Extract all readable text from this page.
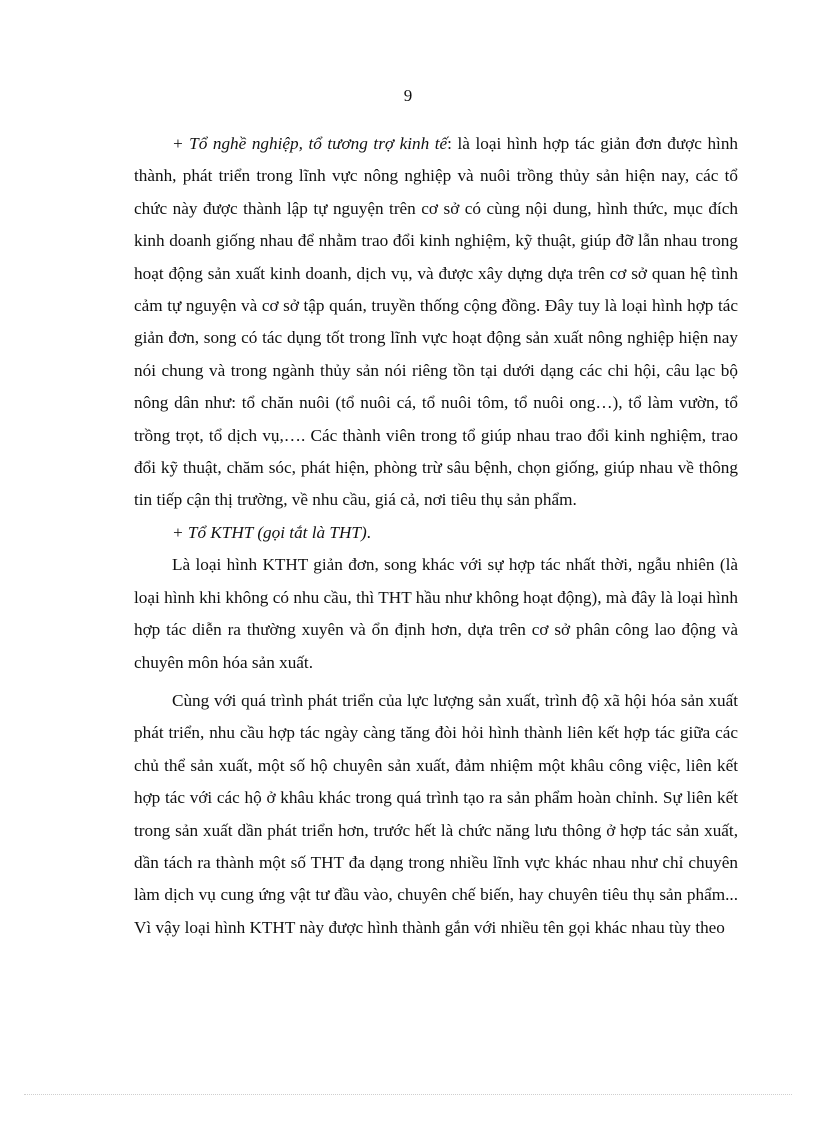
9

+ Tổ nghề nghiệp, tổ tương trợ kinh tế: là loại hình hợp tác giản đơn được hình thành, phát triển trong lĩnh vực nông nghiệp và nuôi trồng thủy sản hiện nay, các tổ chức này được thành lập tự nguyện trên cơ sở có cùng nội dung, hình thức, mục đích kinh doanh giống nhau để nhằm trao đổi kinh nghiệm, kỹ thuật, giúp đỡ lẫn nhau trong hoạt động sản xuất kinh doanh, dịch vụ, và được xây dựng dựa trên cơ sở quan hệ tình cảm tự nguyện và cơ sở tập quán, truyền thống cộng đồng. Đây tuy là loại hình hợp tác giản đơn, song có tác dụng tốt trong lĩnh vực hoạt động sản xuất nông nghiệp hiện nay nói chung và trong ngành thủy sản nói riêng tồn tại dưới dạng các chi hội, câu lạc bộ nông dân như: tổ chăn nuôi (tổ nuôi cá, tổ nuôi tôm, tổ nuôi ong…), tổ làm vườn, tổ trồng trọt, tổ dịch vụ,…. Các thành viên trong tổ giúp nhau trao đổi kinh nghiệm, trao đổi kỹ thuật, chăm sóc, phát hiện, phòng trừ sâu bệnh, chọn giống, giúp nhau về thông tin tiếp cận thị trường, về nhu cầu, giá cả, nơi tiêu thụ sản phẩm.

+ Tổ KTHT (gọi tắt là THT).

Là loại hình KTHT giản đơn, song khác với sự hợp tác nhất thời, ngẫu nhiên (là loại hình khi không có nhu cầu, thì THT hầu như không hoạt động), mà đây là loại hình hợp tác diễn ra thường xuyên và ổn định hơn, dựa trên cơ sở phân công lao động và chuyên môn hóa sản xuất.

Cùng với quá trình phát triển của lực lượng sản xuất, trình độ xã hội hóa sản xuất phát triển, nhu cầu hợp tác ngày càng tăng đòi hỏi hình thành liên kết hợp tác giữa các chủ thể sản xuất, một số hộ chuyên sản xuất, đảm nhiệm một khâu công việc, liên kết hợp tác với các hộ ở khâu khác trong quá trình tạo ra sản phẩm hoàn chỉnh. Sự liên kết trong sản xuất dần phát triển hơn, trước hết là chức năng lưu thông ở hợp tác sản xuất, dần tách ra thành một số THT đa dạng trong nhiều lĩnh vực khác nhau như chỉ chuyên làm dịch vụ cung ứng vật tư đầu vào, chuyên chế biến, hay chuyên tiêu thụ sản phẩm... Vì vậy loại hình KTHT này được hình thành gắn với nhiều tên gọi khác nhau tùy theo
